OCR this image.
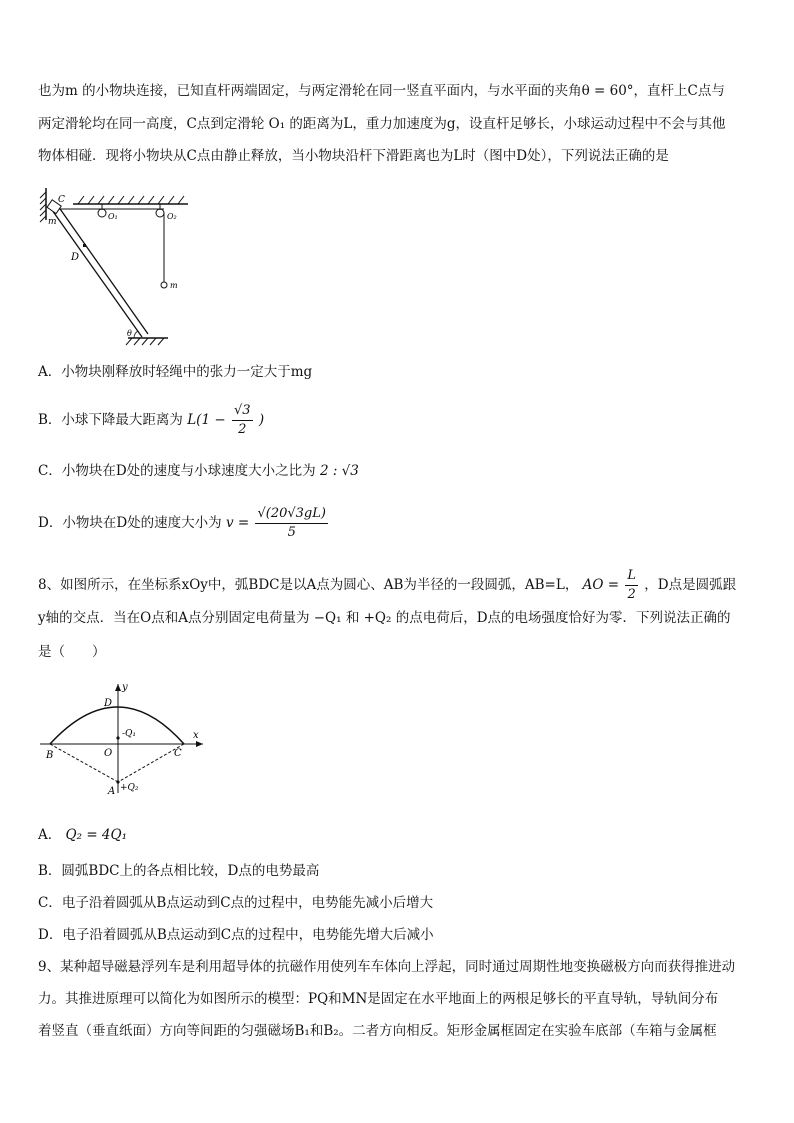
也为m 的小物块连接，已知直杆两端固定，与两定滑轮在同一竖直平面内，与水平面的夹角θ = 60°，直杆上C点与
两定滑轮均在同一高度，C点到定滑轮 O₁ 的距离为L，重力加速度为g，设直杆足够长，小球运动过程中不会与其他
物体相碰．现将小物块从C点由静止释放，当小物块沿杆下滑距离也为L时（图中D处），下列说法正确的是
C
m
O₁	O₂
D
m
θ
A．小物块刚释放时轻绳中的张力一定大于mg
B．小球下降最大距离为 $L(1 - \frac{√3}{2}$ )
C．小物块在D处的速度与小球速度大小之比为 2 : √3
D．小物块在D处的速度大小为 $v = \frac{√(20√3gL)}{5}$
8、如图所示，在坐标系xOy中，弧BDC是以A点为圆心、AB为半径的一段圆弧，AB=L， AO = $\frac{L}{2}$ ，D点是圆弧跟
y轴的交点．当在O点和A点分别固定电荷量为 −Q₁ 和 +Q₂ 的点电荷后，D点的电场强度恰好为零．下列说法正确的
是（　　）
y
x
D
-Q₁
O
B	C
A +Q₂
A． Q₂ = 4Q₁
B．圆弧BDC上的各点相比较，D点的电势最高
C．电子沿着圆弧从B点运动到C点的过程中，电势能先减小后增大
D．电子沿着圆弧从B点运动到C点的过程中，电势能先增大后减小
9、某种超导磁悬浮列车是利用超导体的抗磁作用使列车车体向上浮起，同时通过周期性地变换磁极方向而获得推进动
力。其推进原理可以简化为如图所示的模型：PQ和MN是固定在水平地面上的两根足够长的平直导轨，导轨间分布
着竖直（垂直纸面）方向等间距的匀强磁场B₁和B₂。二者方向相反。矩形金属框固定在实验车底部（车箱与金属框
